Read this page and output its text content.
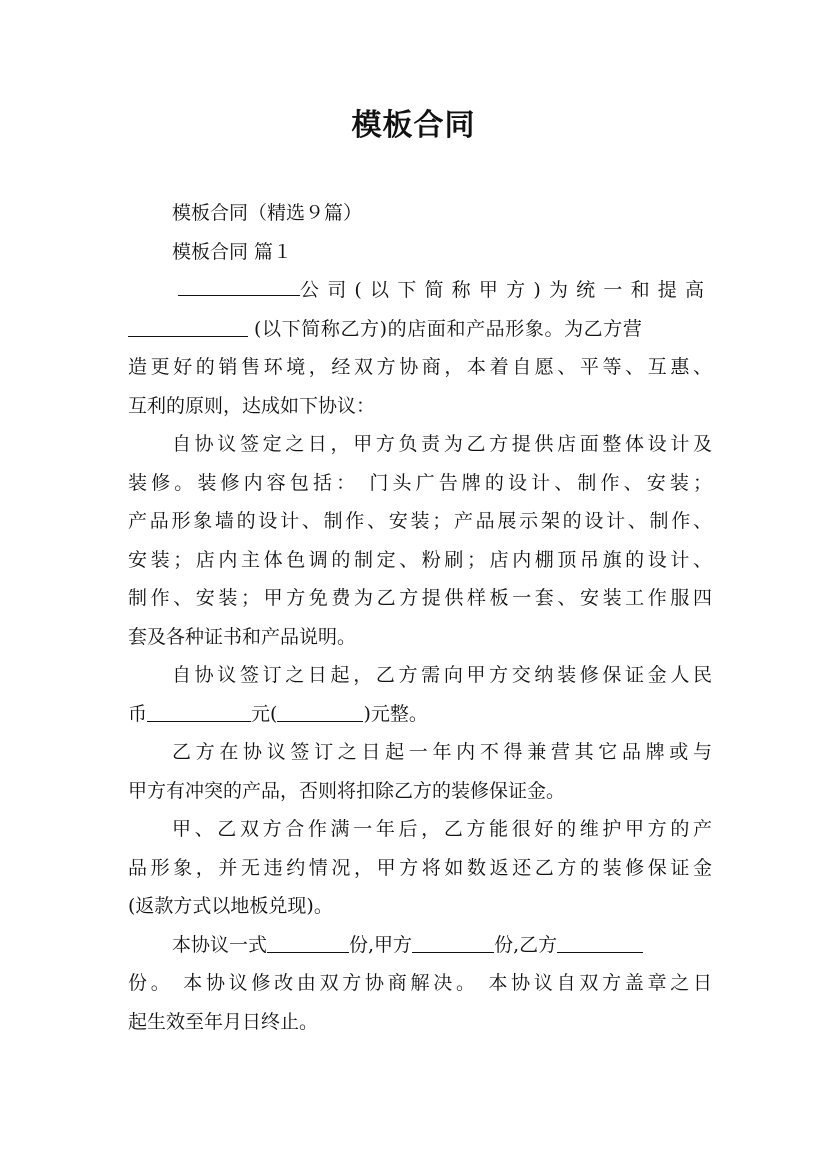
模板合同
模板合同（精选９篇）
模板合同 篇１
公司(以下简称甲方)为统一和提高
(以下简称乙方)的店面和产品形象。为乙方营
造更好的销售环境，经双方协商，本着自愿、平等、互惠、
互利的原则，达成如下协议：
自协议签定之日，甲方负责为乙方提供店面整体设计及
装修。装修内容包括： 门头广告牌的设计、制作、安装；
产品形象墙的设计、制作、安装；产品展示架的设计、制作、
安装；店内主体色调的制定、粉刷；店内棚顶吊旗的设计、
制作、安装；甲方免费为乙方提供样板一套、安装工作服四
套及各种证书和产品说明。
自协议签订之日起，乙方需向甲方交纳装修保证金人民
币	元(	)元整。
乙方在协议签订之日起一年内不得兼营其它品牌或与
甲方有冲突的产品，否则将扣除乙方的装修保证金。
甲、乙双方合作满一年后，乙方能很好的维护甲方的产
品形象，并无违约情况，甲方将如数返还乙方的装修保证金
(返款方式以地板兑现)。
本协议一式	份,甲方	份,乙方
份。 本协议修改由双方协商解决。 本协议自双方盖章之日
起生效至年月日终止。
